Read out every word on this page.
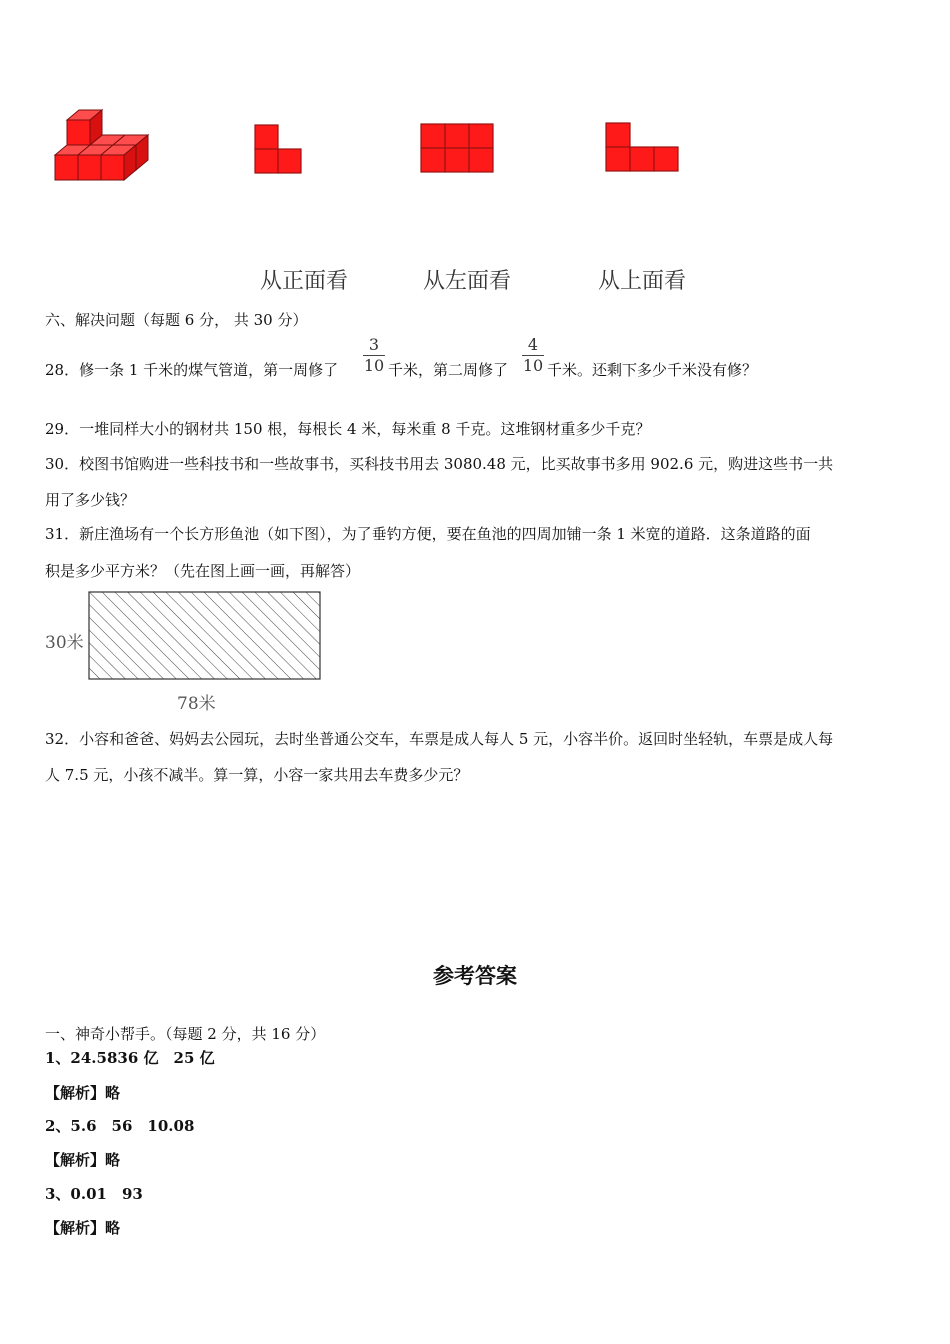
从正面看	从左面看	从上面看
六、解决问题（每题 6 分， 共 30 分）
28．修一条 1 千米的煤气管道，第一周修了
3
10 千米，第二周修了
4
10 千米。还剩下多少千米没有修？
29．一堆同样大小的钢材共 150 根，每根长 4 米，每米重 8 千克。这堆钢材重多少千克？
30．校图书馆购进一些科技书和一些故事书，买科技书用去 3080.48 元，比买故事书多用 902.6 元，购进这些书一共
用了多少钱？
31．新庄渔场有一个长方形鱼池（如下图），为了垂钓方便，要在鱼池的四周加铺一条 1 米宽的道路．这条道路的面
积是多少平方米？（先在图上画一画，再解答）
30米
78米
32．小容和爸爸、妈妈去公园玩，去时坐普通公交车，车票是成人每人 5 元，小容半价。返回时坐轻轨，车票是成人每
人 7.5 元，小孩不减半。算一算，小容一家共用去车费多少元？
参考答案
一、神奇小帮手。（每题 2 分，共 16 分）
1、24.5836 亿　25 亿
【解析】略
2、5.6　56　10.08
【解析】略
3、0.01　93
【解析】略
